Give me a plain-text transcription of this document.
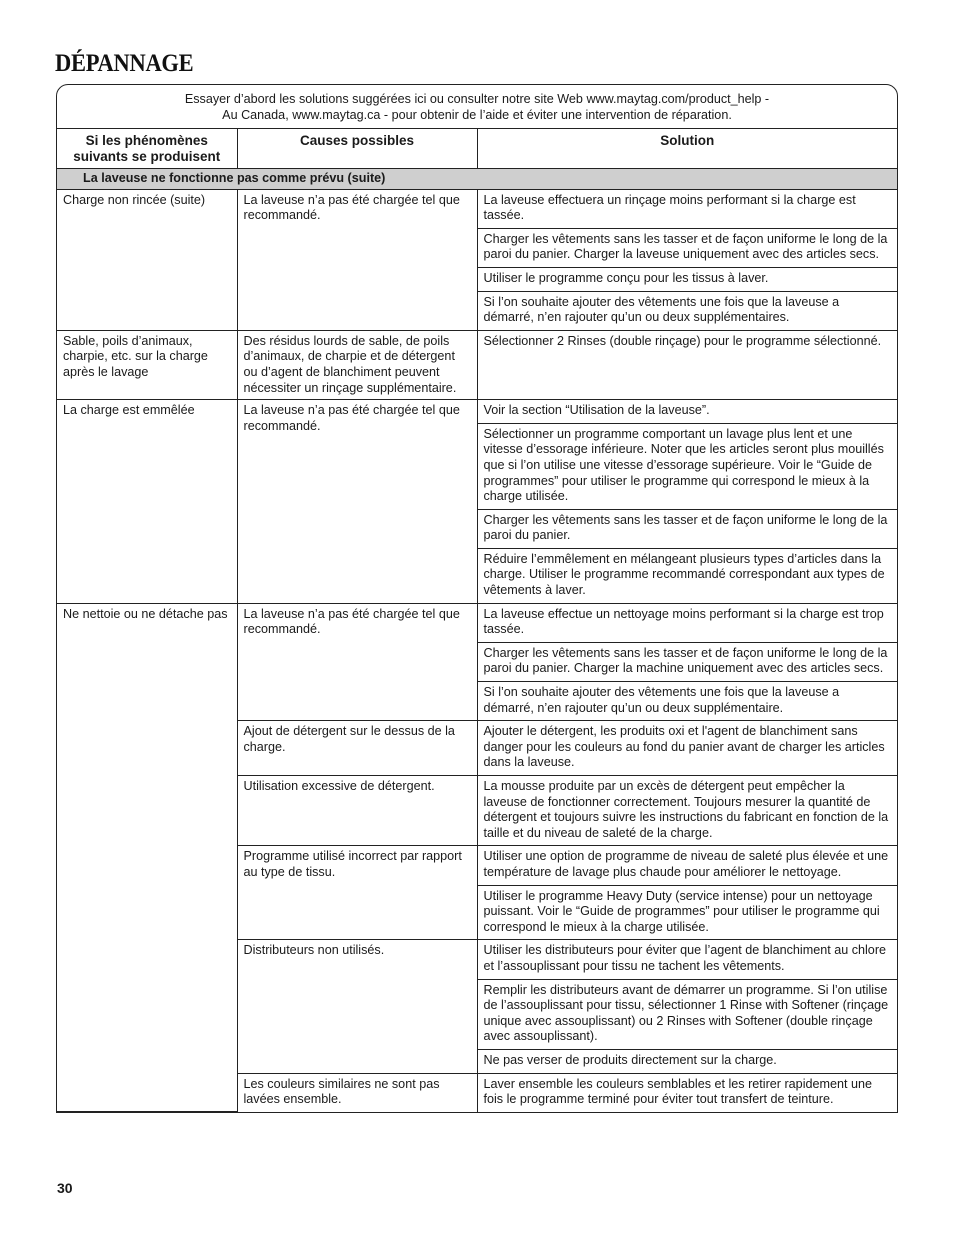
DÉPANNAGE
Essayer d’abord les solutions suggérées ici ou consulter notre site Web www.maytag.com/product_help -
Au Canada, www.maytag.ca - pour obtenir de l’aide et éviter une intervention de réparation.
Si les phénomènes suivants se produisent	Causes possibles	Solution
La laveuse ne fonctionne pas comme prévu (suite)		
Charge non rincée (suite)	La laveuse n’a pas été chargée tel que recommandé.	La laveuse effectuera un rinçage moins performant si la charge est tassée.
		Charger les vêtements sans les tasser et de façon uniforme le long de la paroi du panier. Charger la laveuse uniquement avec des articles secs.
		Utiliser le programme conçu pour les tissus à laver.
		Si l’on souhaite ajouter des vêtements une fois que la laveuse a démarré, n’en rajouter qu’un ou deux supplémentaires.
Sable, poils d’animaux, charpie, etc. sur la charge après le lavage	Des résidus lourds de sable, de poils d’animaux, de charpie et de détergent ou d’agent de blanchiment peuvent nécessiter un rinçage supplémentaire.	Sélectionner 2 Rinses (double rinçage) pour le programme sélectionné.
La charge est emmêlée	La laveuse n’a pas été chargée tel que recommandé.	Voir la section “Utilisation de la laveuse”.
		Sélectionner un programme comportant un lavage plus lent et une vitesse d’essorage inférieure. Noter que les articles seront plus mouillés que si l’on utilise une vitesse d’essorage supérieure. Voir le “Guide de programmes” pour utiliser le programme qui correspond le mieux à la charge utilisée.
		Charger les vêtements sans les tasser et de façon uniforme le long de la paroi du panier.
		Réduire l’emmêlement en mélangeant plusieurs types d’articles dans la charge. Utiliser le programme recommandé correspondant aux types de vêtements à laver.
Ne nettoie ou ne détache pas	La laveuse n’a pas été chargée tel que recommandé.	La laveuse effectue un nettoyage moins performant si la charge est trop tassée.
		Charger les vêtements sans les tasser et de façon uniforme le long de la paroi du panier. Charger la machine uniquement avec des articles secs.
		Si l’on souhaite ajouter des vêtements une fois que la laveuse a démarré, n’en rajouter qu’un ou deux supplémentaire.
	Ajout de détergent sur le dessus de la charge.	Ajouter le détergent, les produits oxi et l'agent de blanchiment sans danger pour les couleurs au fond du panier avant de charger les articles dans la laveuse.
	Utilisation excessive de détergent.	La mousse produite par un excès de détergent peut empêcher la laveuse de fonctionner correctement. Toujours mesurer la quantité de détergent et toujours suivre les instructions du fabricant en fonction de la taille et du niveau de saleté de la charge.
	Programme utilisé incorrect par rapport au type de tissu.	Utiliser une option de programme de niveau de saleté plus élevée et une température de lavage plus chaude pour améliorer le nettoyage.
		Utiliser le programme Heavy Duty (service intense) pour un nettoyage puissant. Voir le “Guide de programmes” pour utiliser le programme qui correspond le mieux à la charge utilisée.
	Distributeurs non utilisés.	Utiliser les distributeurs pour éviter que l’agent de blanchiment au chlore et l’assouplissant pour tissu ne tachent les vêtements.
		Remplir les distributeurs avant de démarrer un programme. Si l’on utilise de l’assouplissant pour tissu, sélectionner 1 Rinse with Softener (rinçage unique avec assouplissant) ou 2 Rinses with Softener (double rinçage avec assouplissant).
		Ne pas verser de produits directement sur la charge.
	Les couleurs similaires ne sont pas lavées ensemble.	Laver ensemble les couleurs semblables et les retirer rapidement une fois le programme terminé pour éviter tout transfert de teinture.
30
